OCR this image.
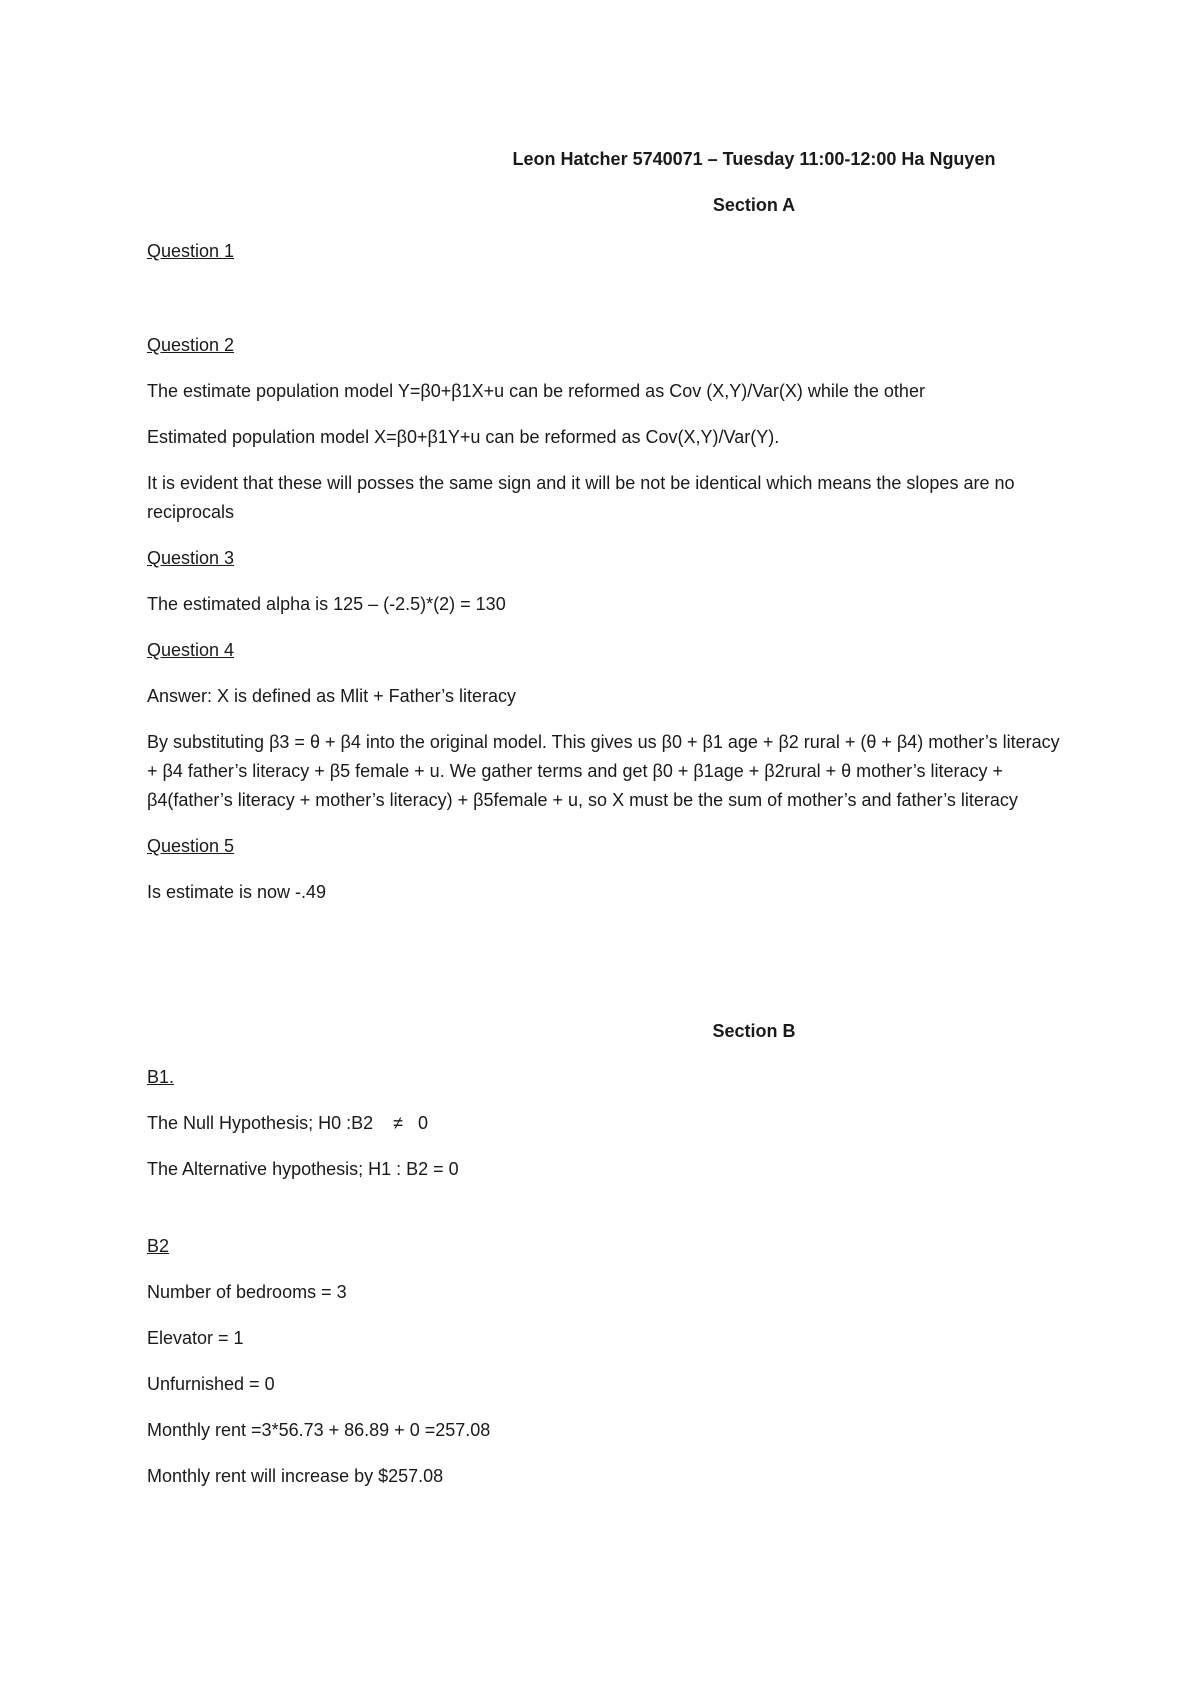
Leon Hatcher 5740071 – Tuesday 11:00-12:00 Ha Nguyen
Section A
Question 1
Question 2
The estimate population model Y=β0+β1X+u can be reformed as Cov (X,Y)/Var(X) while the other
Estimated population model X=β0+β1Y+u can be reformed as Cov(X,Y)/Var(Y).
It is evident that these will posses the same sign and it will be not be identical which means the slopes are no reciprocals
Question 3
The estimated alpha is 125 – (-2.5)*(2) = 130
Question 4
Answer: X is defined as Mlit + Father’s literacy
By substituting β3 = θ + β4 into the original model. This gives us β0 + β1 age + β2 rural + (θ + β4) mother’s literacy + β4 father’s literacy + β5 female + u. We gather terms and get β0 + β1age + β2rural + θ mother’s literacy + β4(father’s literacy + mother’s literacy) + β5female + u, so X must be the sum of mother’s and father’s literacy
Question 5
Is estimate is now -.49
Section B
B1.
The Null Hypothesis; H0 :B2    ≠   0
The Alternative hypothesis; H1 : B2 = 0
B2
Number of bedrooms = 3
Elevator = 1
Unfurnished = 0
Monthly rent =3*56.73 + 86.89 + 0 =257.08
Monthly rent will increase by $257.08
